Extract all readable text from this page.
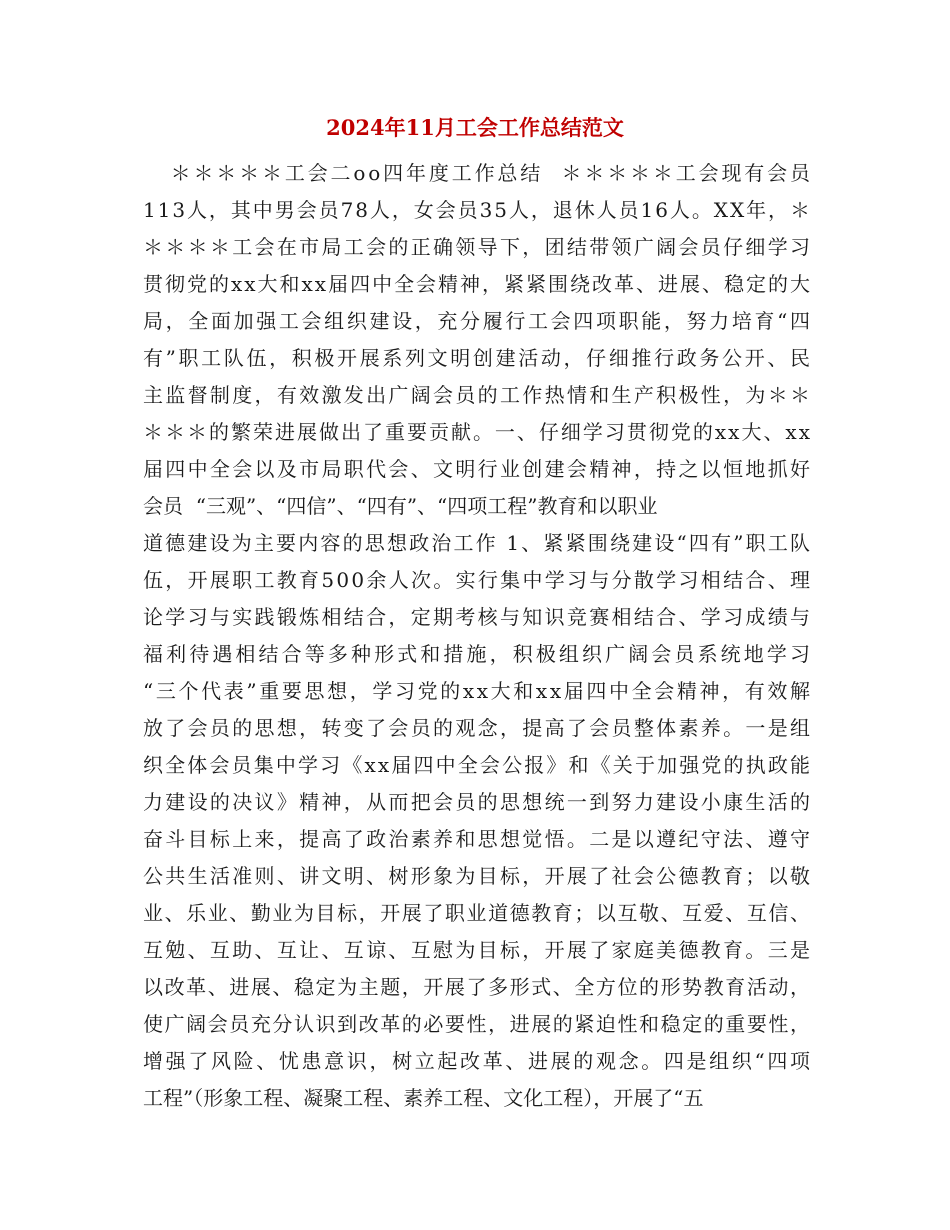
2024年11月工会工作总结范文
＊＊＊＊＊工会二oo四年度工作总结  ＊＊＊＊＊工会现有会员
113人，其中男会员78人，女会员35人，退休人员16人。XX年，＊
＊＊＊＊工会在市局工会的正确领导下，团结带领广阔会员仔细学习
贯彻党的xx大和xx届四中全会精神，紧紧围绕改革、进展、稳定的大
局，全面加强工会组织建设，充分履行工会四项职能，努力培育“四
有”职工队伍，积极开展系列文明创建活动，仔细推行政务公开、民
主监督制度，有效激发出广阔会员的工作热情和生产积极性，为＊＊
＊＊＊的繁荣进展做出了重要贡献。一、仔细学习贯彻党的xx大、xx
届四中全会以及市局职代会、文明行业创建会精神，持之以恒地抓好
会员  “三观”、“四信”、“四有”、“四项工程”教育和以职业
道德建设为主要内容的思想政治工作 1、紧紧围绕建设“四有”职工队
伍，开展职工教育500余人次。实行集中学习与分散学习相结合、理
论学习与实践锻炼相结合，定期考核与知识竞赛相结合、学习成绩与
福利待遇相结合等多种形式和措施，积极组织广阔会员系统地学习
“三个代表”重要思想，学习党的xx大和xx届四中全会精神，有效解
放了会员的思想，转变了会员的观念，提高了会员整体素养。一是组
织全体会员集中学习《xx届四中全会公报》和《关于加强党的执政能
力建设的决议》精神，从而把会员的思想统一到努力建设小康生活的
奋斗目标上来，提高了政治素养和思想觉悟。二是以遵纪守法、遵守
公共生活准则、讲文明、树形象为目标，开展了社会公德教育；以敬
业、乐业、勤业为目标，开展了职业道德教育；以互敬、互爱、互信、
互勉、互助、互让、互谅、互慰为目标，开展了家庭美德教育。三是
以改革、进展、稳定为主题，开展了多形式、全方位的形势教育活动，
使广阔会员充分认识到改革的必要性，进展的紧迫性和稳定的重要性，
增强了风险、忧患意识，树立起改革、进展的观念。四是组织“四项
工程”（形象工程、凝聚工程、素养工程、文化工程），开展了“五
